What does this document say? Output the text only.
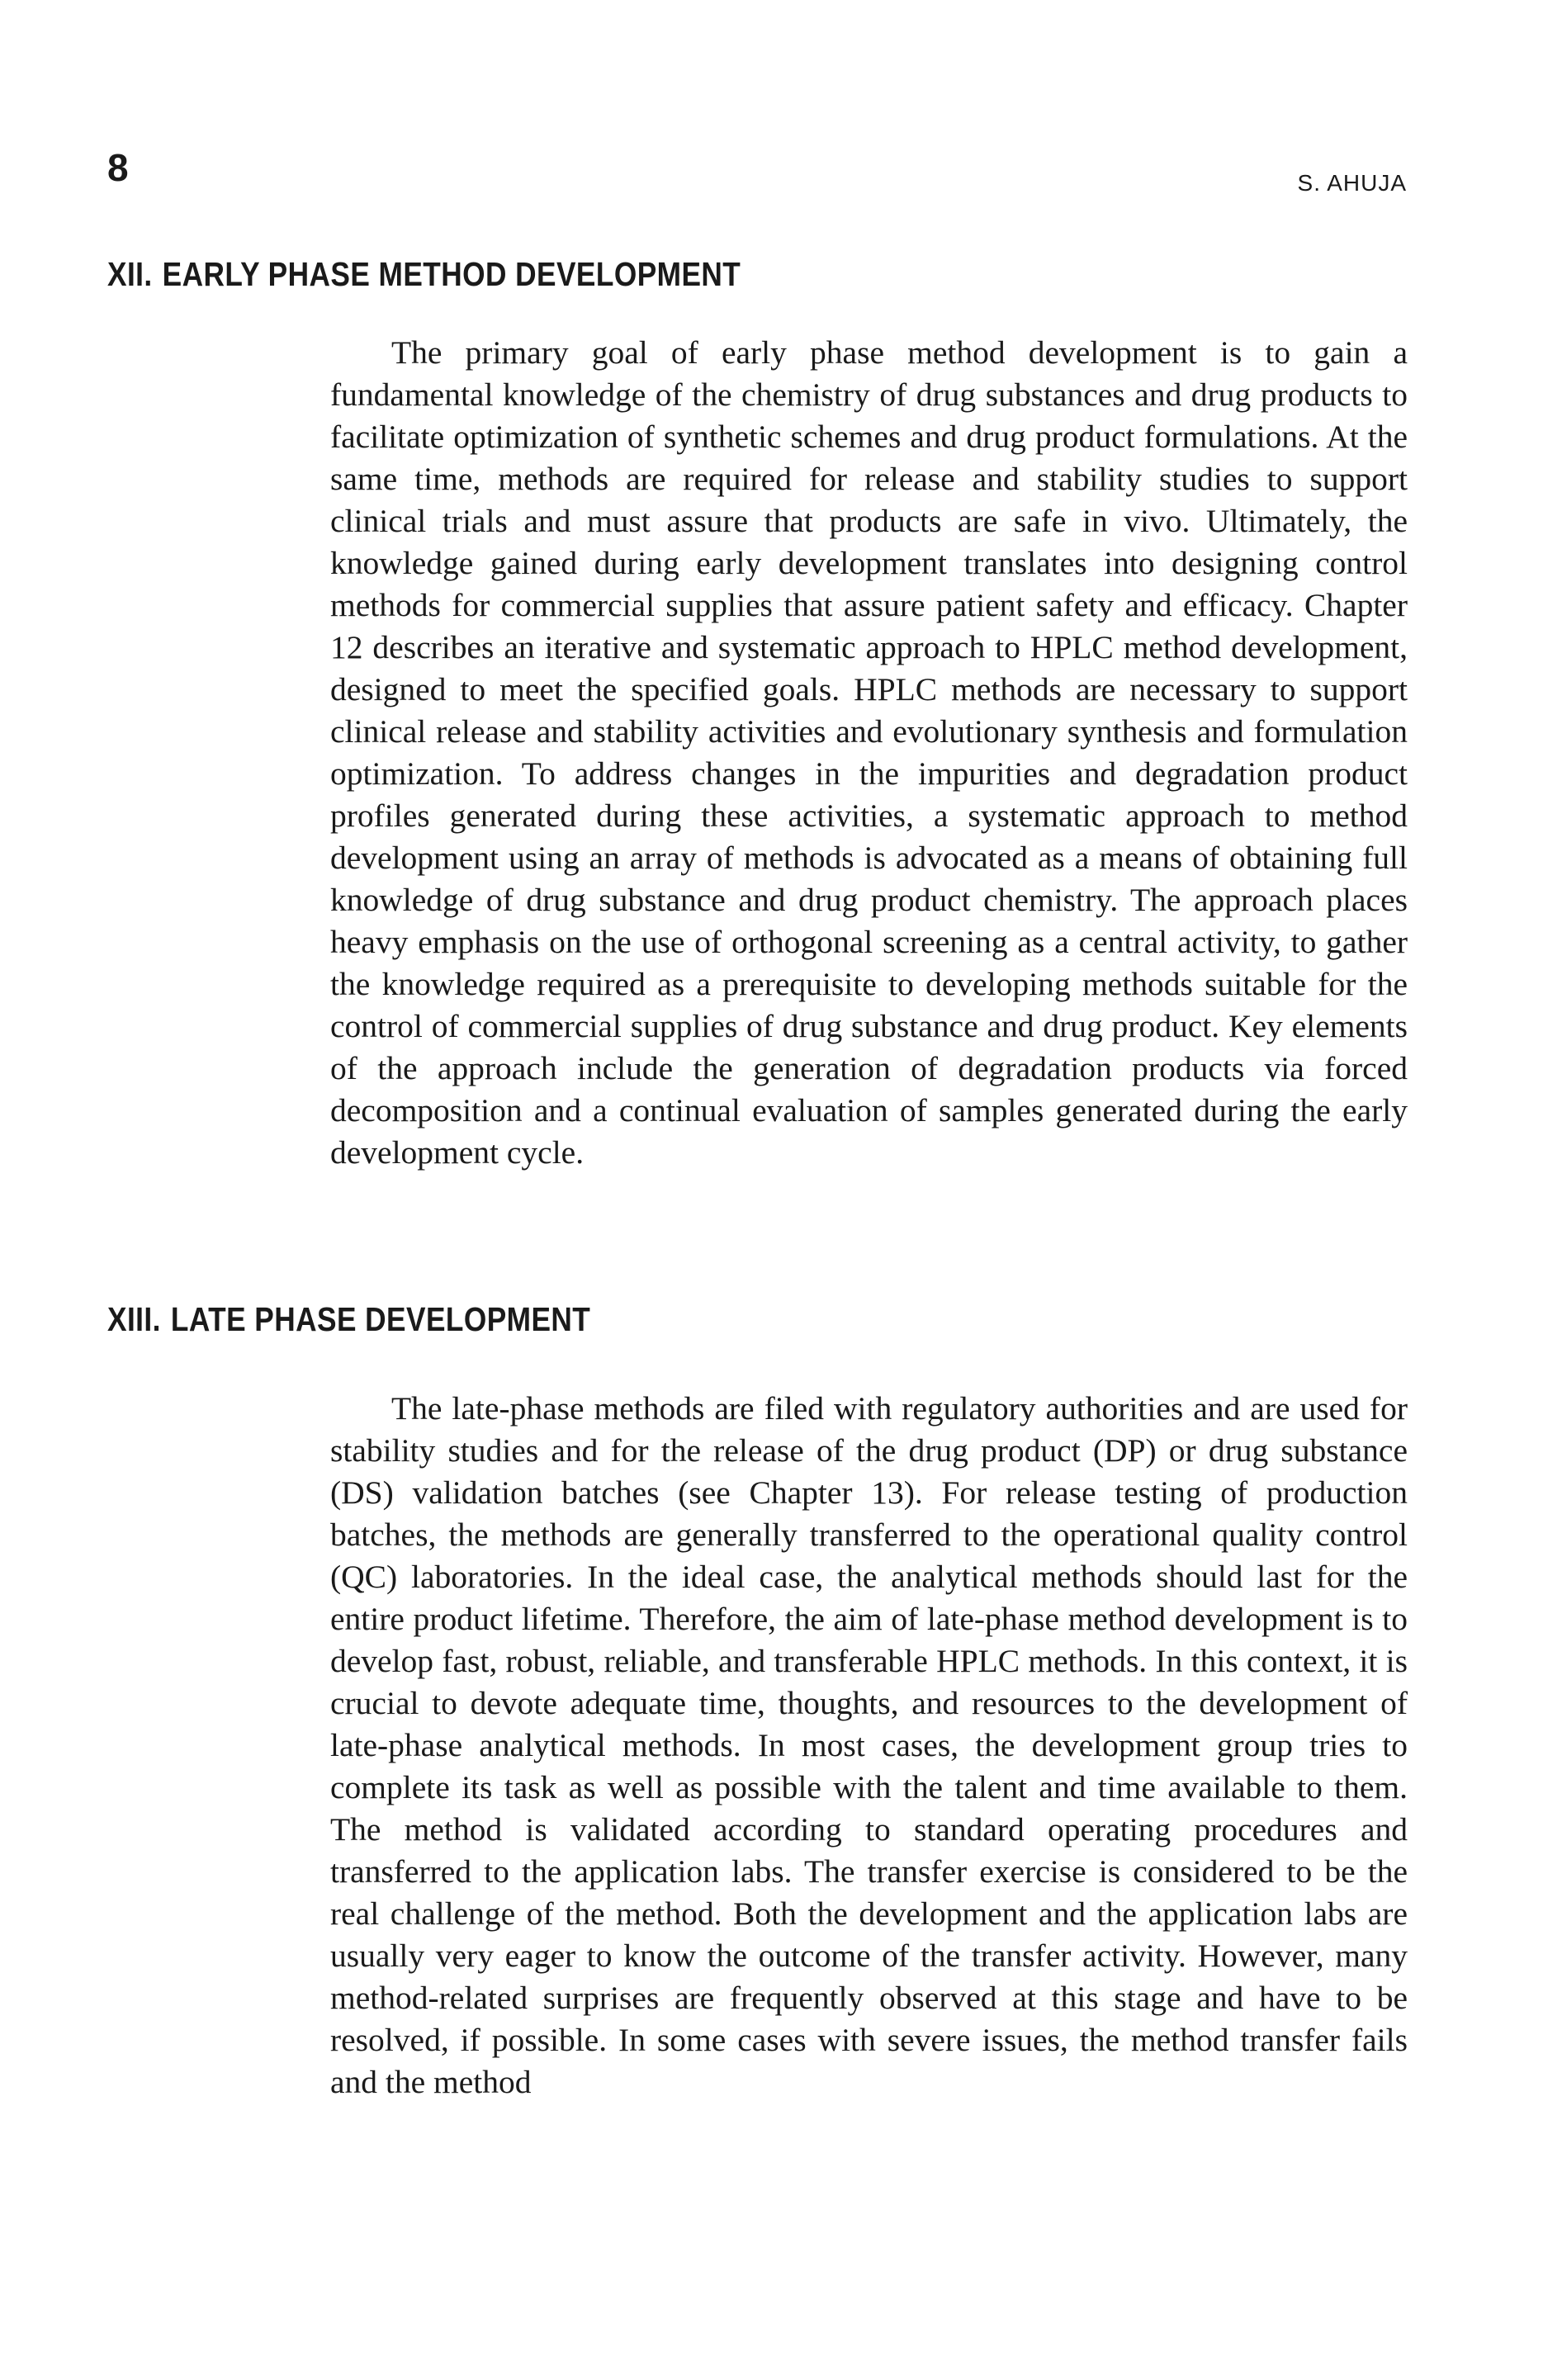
8	S. AHUJA
XII. EARLY PHASE METHOD DEVELOPMENT

The primary goal of early phase method development is to gain a fundamental knowledge of the chemistry of drug substances and drug products to facilitate optimization of synthetic schemes and drug product formulations. At the same time, methods are required for release and stability studies to support clinical trials and must assure that products are safe in vivo. Ultimately, the knowledge gained during early development translates into designing control methods for commercial supplies that assure patient safety and efficacy. Chapter 12 describes an iterative and systematic approach to HPLC method development, designed to meet the specified goals. HPLC methods are necessary to support clinical release and stability activities and evolutionary synthesis and formulation optimization. To address changes in the impurities and degradation product profiles generated during these activities, a systematic approach to method development using an array of methods is advocated as a means of obtaining full knowledge of drug substance and drug product chemistry. The approach places heavy emphasis on the use of orthogonal screening as a central activity, to gather the knowledge required as a prerequisite to developing methods suitable for the control of commercial supplies of drug substance and drug product. Key elements of the approach include the generation of degradation products via forced decomposition and a continual evaluation of samples generated during the early development cycle.

XIII. LATE PHASE DEVELOPMENT

The late-phase methods are filed with regulatory authorities and are used for stability studies and for the release of the drug product (DP) or drug substance (DS) validation batches (see Chapter 13). For release testing of production batches, the methods are generally transferred to the operational quality control (QC) laboratories. In the ideal case, the analytical methods should last for the entire product lifetime. Therefore, the aim of late-phase method development is to develop fast, robust, reliable, and transferable HPLC methods. In this context, it is crucial to devote adequate time, thoughts, and resources to the development of late-phase analytical methods. In most cases, the development group tries to complete its task as well as possible with the talent and time available to them. The method is validated according to standard operating procedures and transferred to the application labs. The transfer exercise is considered to be the real challenge of the method. Both the development and the application labs are usually very eager to know the outcome of the transfer activity. However, many method-related surprises are frequently observed at this stage and have to be resolved, if possible. In some cases with severe issues, the method transfer fails and the method
